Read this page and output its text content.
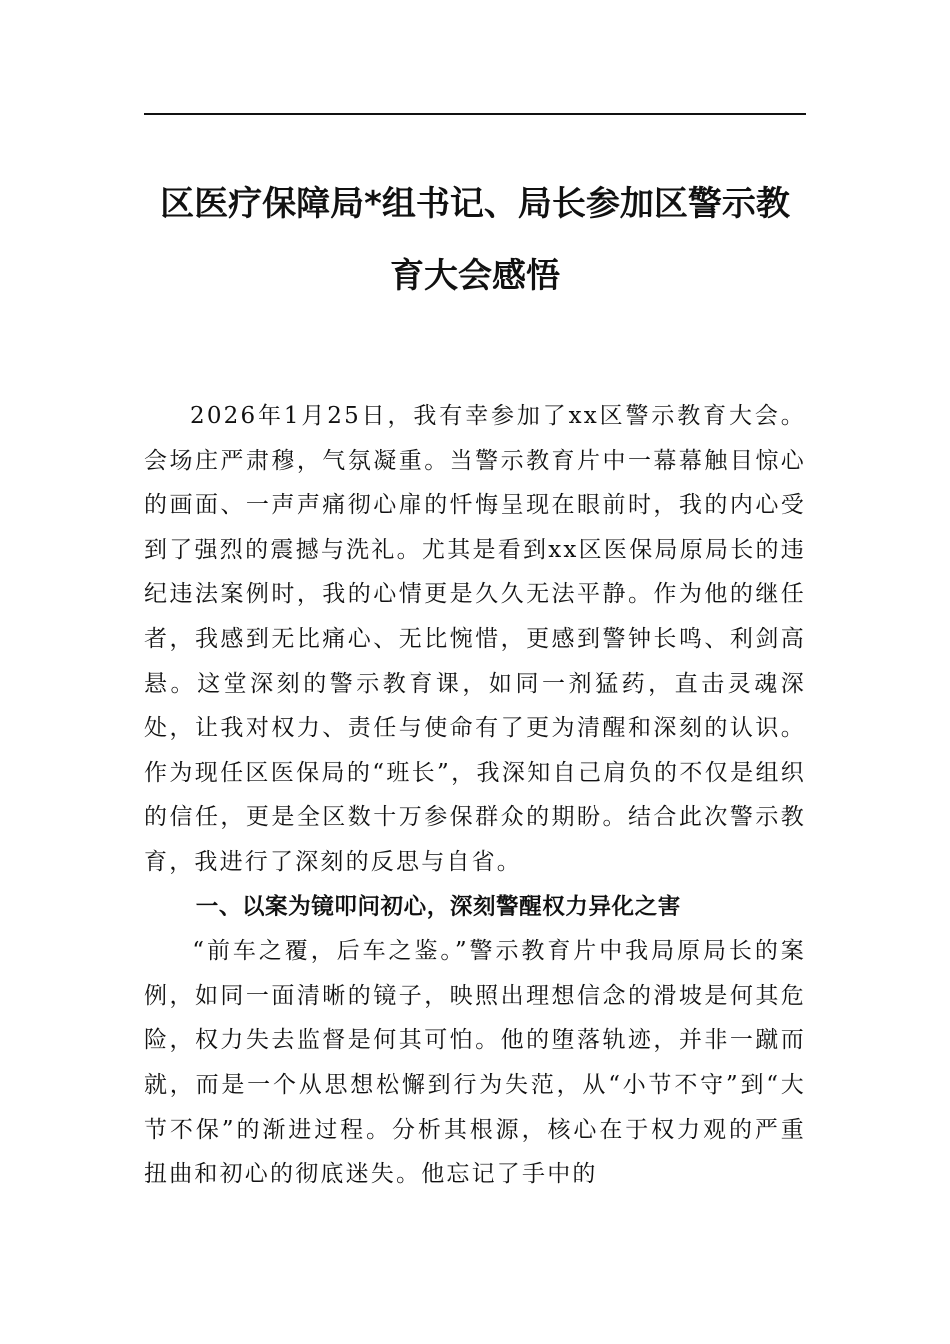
区医疗保障局*组书记、局长参加区警示教育大会感悟

2026年1月25日，我有幸参加了xx区警示教育大会。会场庄严肃穆，气氛凝重。当警示教育片中一幕幕触目惊心的画面、一声声痛彻心扉的忏悔呈现在眼前时，我的内心受到了强烈的震撼与洗礼。尤其是看到xx区医保局原局长的违纪违法案例时，我的心情更是久久无法平静。作为他的继任者，我感到无比痛心、无比惋惜，更感到警钟长鸣、利剑高悬。这堂深刻的警示教育课，如同一剂猛药，直击灵魂深处，让我对权力、责任与使命有了更为清醒和深刻的认识。作为现任区医保局的“班长”，我深知自己肩负的不仅是组织的信任，更是全区数十万参保群众的期盼。结合此次警示教育，我进行了深刻的反思与自省。

一、以案为镜叩问初心，深刻警醒权力异化之害

“前车之覆，后车之鉴。”警示教育片中我局原局长的案例，如同一面清晰的镜子，映照出理想信念的滑坡是何其危险，权力失去监督是何其可怕。他的堕落轨迹，并非一蹴而就，而是一个从思想松懈到行为失范，从“小节不守”到“大节不保”的渐进过程。分析其根源，核心在于权力观的严重扭曲和初心的彻底迷失。他忘记了手中的
